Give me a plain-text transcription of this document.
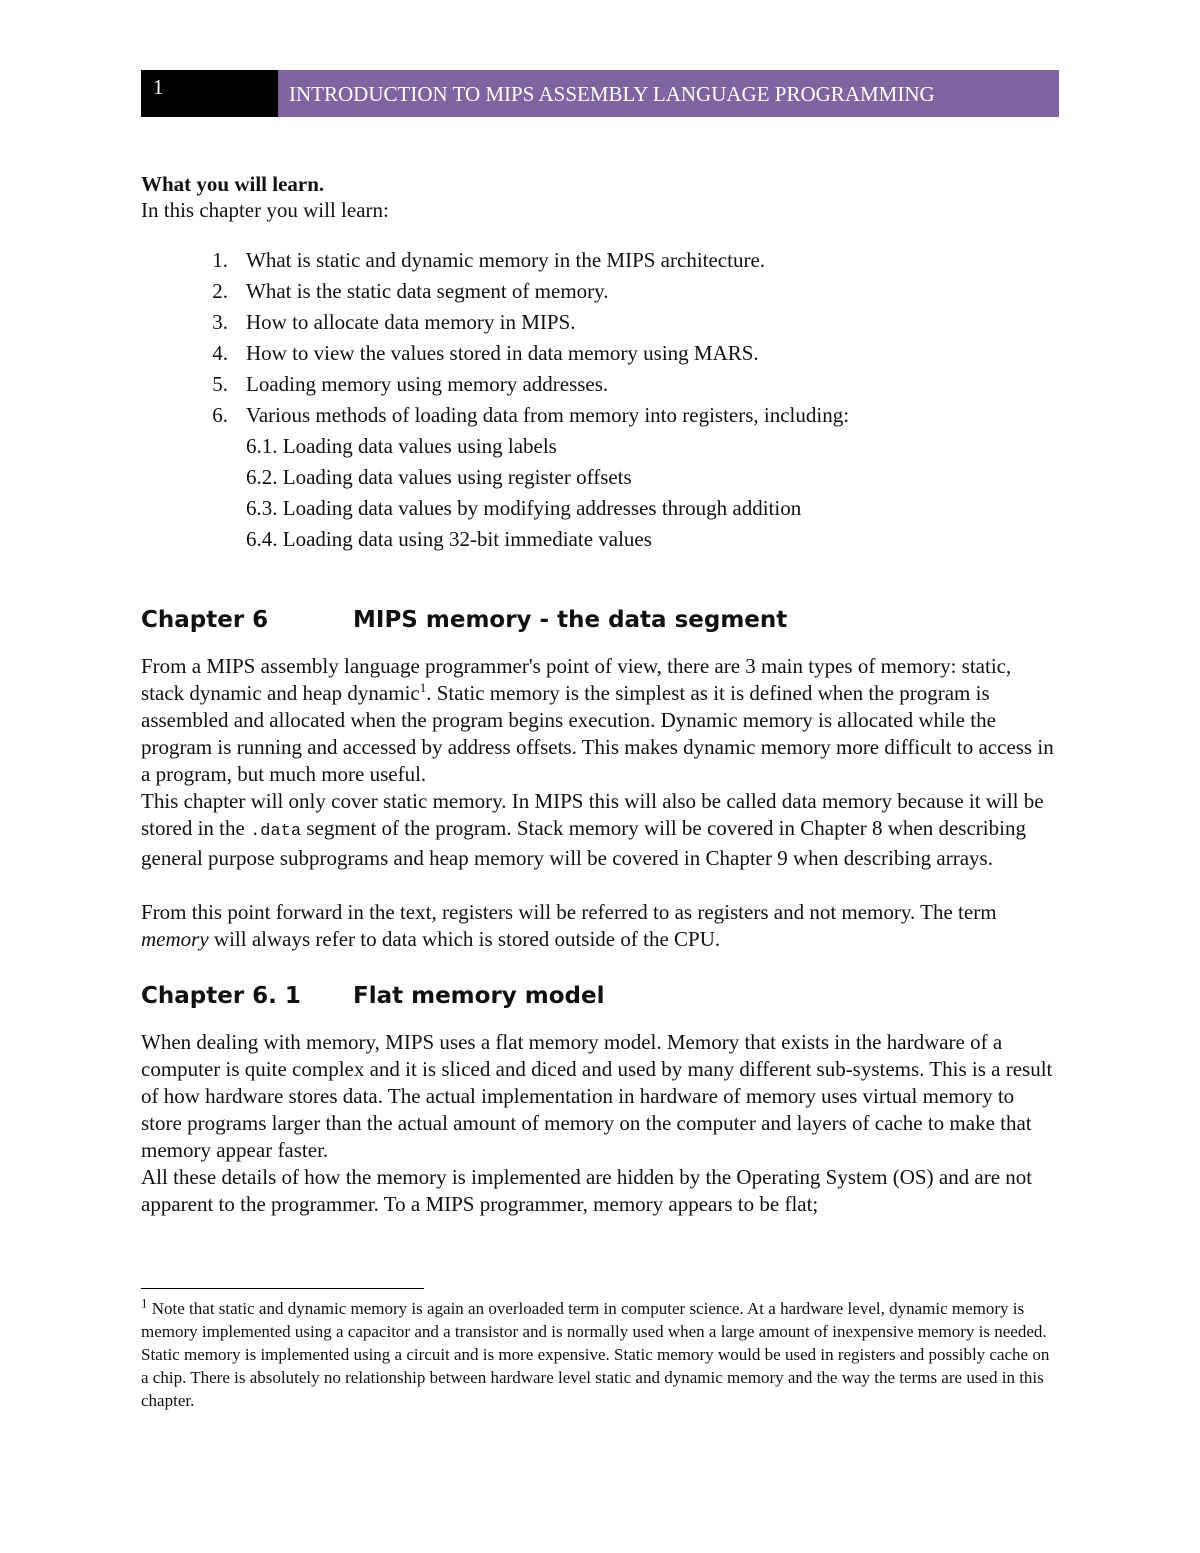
1	INTRODUCTION TO MIPS ASSEMBLY LANGUAGE PROGRAMMING

What you will learn.

In this chapter you will learn:

1. What is static and dynamic memory in the MIPS architecture.
2. What is the static data segment of memory.
3. How to allocate data memory in MIPS.
4. How to view the values stored in data memory using MARS.
5. Loading memory using memory addresses.
6. Various methods of loading data from memory into registers, including:
6.1. Loading data values using labels
6.2. Loading data values using register offsets
6.3. Loading data values by modifying addresses through addition
6.4. Loading data using 32-bit immediate values
Chapter 6	MIPS memory - the data segment

From a MIPS assembly language programmer's point of view, there are 3 main types of memory: static, stack dynamic and heap dynamic$^1$. Static memory is the simplest as it is defined when the program is assembled and allocated when the program begins execution. Dynamic memory is allocated while the program is running and accessed by address offsets. This makes dynamic memory more difficult to access in a program, but much more useful.

This chapter will only cover static memory. In MIPS this will also be called data memory because it will be stored in the .data segment of the program. Stack memory will be covered in Chapter 8 when describing general purpose subprograms and heap memory will be covered in Chapter 9 when describing arrays.

From this point forward in the text, registers will be referred to as registers and not memory. The term memory will always refer to data which is stored outside of the CPU.

Chapter 6. 1	Flat memory model

When dealing with memory, MIPS uses a flat memory model. Memory that exists in the hardware of a computer is quite complex and it is sliced and diced and used by many different sub-systems. This is a result of how hardware stores data. The actual implementation in hardware of memory uses virtual memory to store programs larger than the actual amount of memory on the computer and layers of cache to make that memory appear faster.

All these details of how the memory is implemented are hidden by the Operating System (OS) and are not apparent to the programmer. To a MIPS programmer, memory appears to be flat;

$^1$ Note that static and dynamic memory is again an overloaded term in computer science. At a hardware level, dynamic memory is memory implemented using a capacitor and a transistor and is normally used when a large amount of inexpensive memory is needed. Static memory is implemented using a circuit and is more expensive. Static memory would be used in registers and possibly cache on a chip. There is absolutely no relationship between hardware level static and dynamic memory and the way the terms are used in this chapter.
